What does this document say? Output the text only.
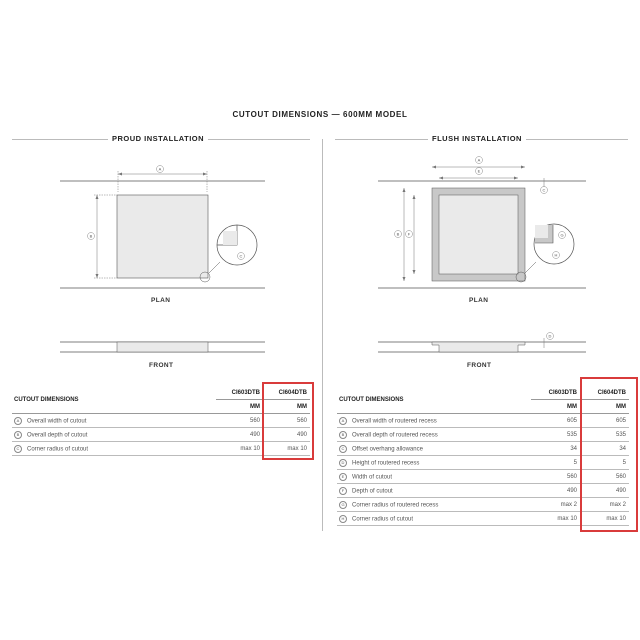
CUTOUT DIMENSIONS — 600MM MODEL
PROUD INSTALLATION	FLUSH INSTALLATION
A
B
C
PLAN
FRONT
A
E
B F
C
G
H
PLAN
D
FRONT
CUTOUT DIMENSIONS	CI603DTB	CI604DTB
	MM	MM
A Overall width of cutout	560	560
B Overall depth of cutout	490	490
C Corner radius of cutout	max 10	max 10
CUTOUT DIMENSIONS	CI603DTB	CI604DTB
	MM	MM
A Overall width of routered recess	605	605
B Overall depth of routered recess	535	535
C Offset overhang allowance	34	34
D Height of routered recess	5	5
E Width of cutout	560	560
F Depth of cutout	490	490
G Corner radius of routered recess	max 2	max 2
H Corner radius of cutout	max 10	max 10
